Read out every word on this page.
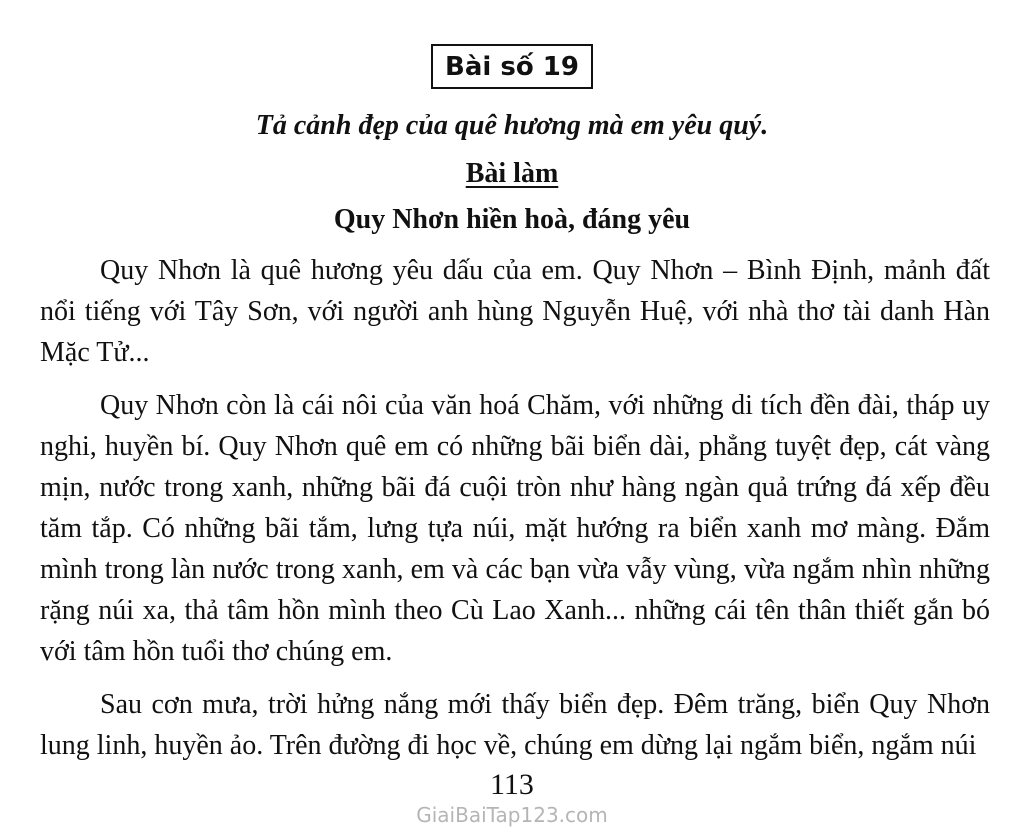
Bài số 19
Tả cảnh đẹp của quê hương mà em yêu quý.
Bài làm
Quy Nhơn hiền hoà, đáng yêu

Quy Nhơn là quê hương yêu dấu của em. Quy Nhơn – Bình Định, mảnh đất nổi tiếng với Tây Sơn, với người anh hùng Nguyễn Huệ, với nhà thơ tài danh Hàn Mặc Tử...

Quy Nhơn còn là cái nôi của văn hoá Chăm, với những di tích đền đài, tháp uy nghi, huyền bí. Quy Nhơn quê em có những bãi biển dài, phẳng tuyệt đẹp, cát vàng mịn, nước trong xanh, những bãi đá cuội tròn như hàng ngàn quả trứng đá xếp đều tăm tắp. Có những bãi tắm, lưng tựa núi, mặt hướng ra biển xanh mơ màng. Đắm mình trong làn nước trong xanh, em và các bạn vừa vẫy vùng, vừa ngắm nhìn những rặng núi xa, thả tâm hồn mình theo Cù Lao Xanh... những cái tên thân thiết gắn bó với tâm hồn tuổi thơ chúng em.

Sau cơn mưa, trời hửng nắng mới thấy biển đẹp. Đêm trăng, biển Quy Nhơn lung linh, huyền ảo. Trên đường đi học về, chúng em dừng lại ngắm biển, ngắm núi

113
GiaiBaiTap123.com
